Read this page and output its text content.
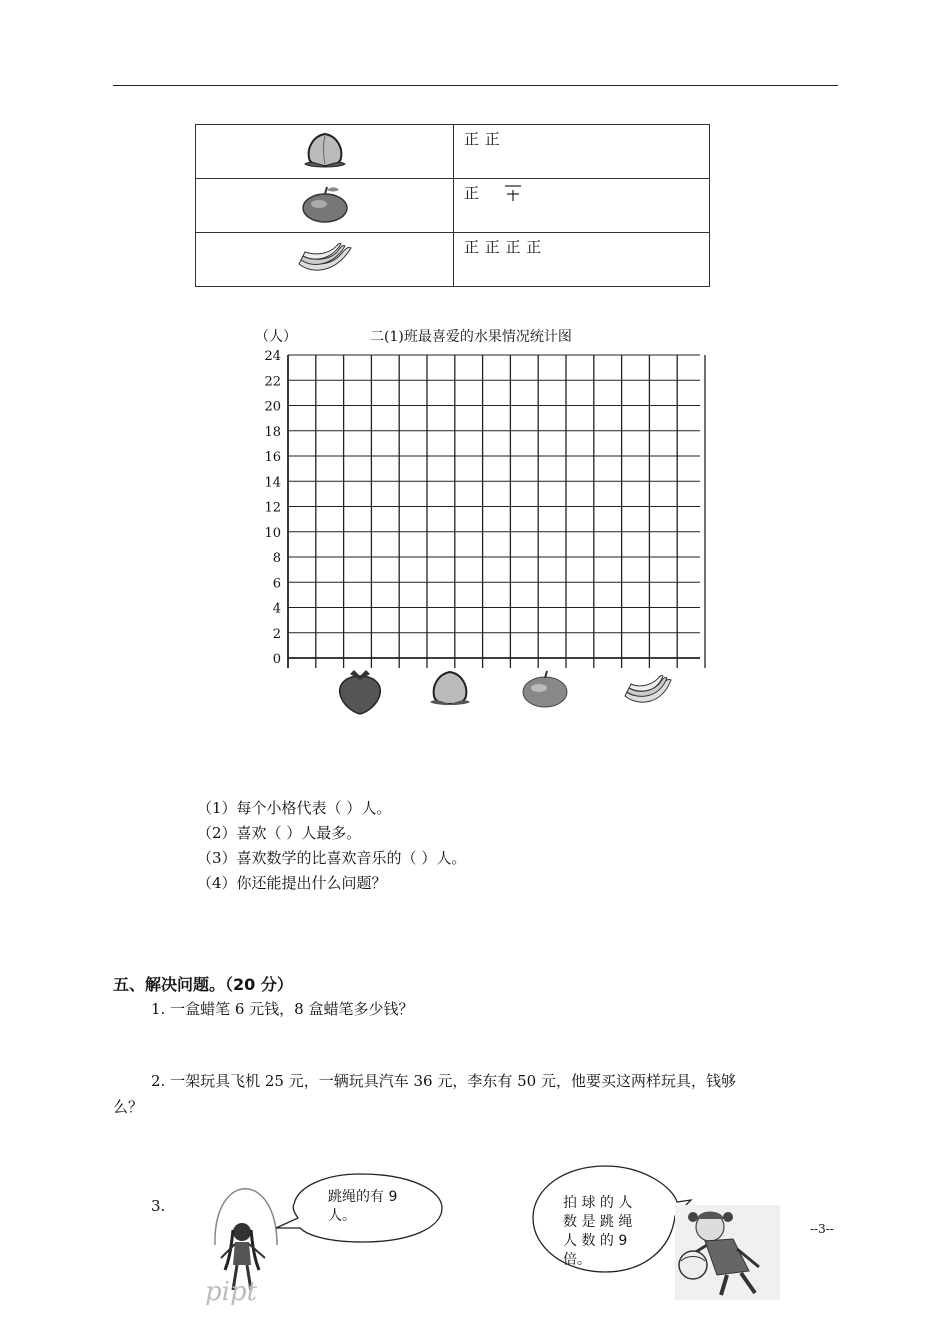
	正 正
	正
	正 正 正 正
（人）	二(1)班最喜爱的水果情况统计图
0
2
4
6
8
10
12
14
16
18
20
22
24
（1）每个小格代表（ ）人。
（2）喜欢（ ）人最多。
（3）喜欢数学的比喜欢音乐的（ ）人。
（4）你还能提出什么问题？
五、解决问题。（20 分）
1. 一盒蜡笔 6 元钱，8 盒蜡笔多少钱？
2. 一架玩具飞机 25 元，一辆玩具汽车 36 元，李东有 50 元，他要买这两样玩具，钱够
么？
3.
pipt
跳绳的有 9
人。
拍 球 的 人
数 是 跳 绳
人 数 的 9
倍。
--3--
